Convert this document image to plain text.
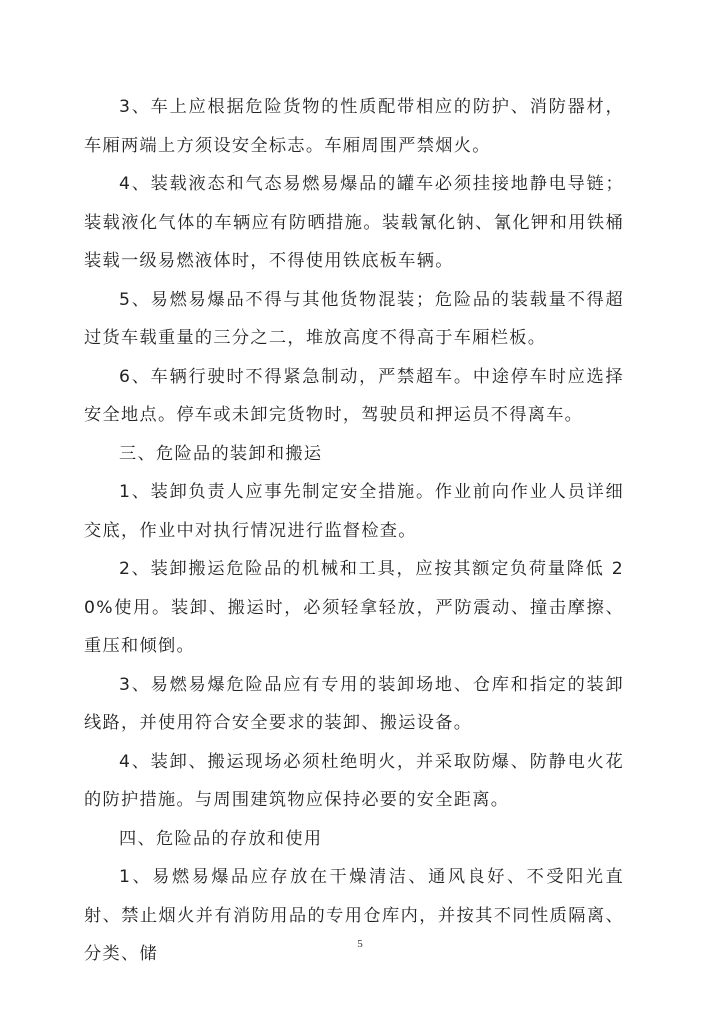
3、车上应根据危险货物的性质配带相应的防护、消防器材，车厢两端上方须设安全标志。车厢周围严禁烟火。

4、装载液态和气态易燃易爆品的罐车必须挂接地静电导链；装载液化气体的车辆应有防晒措施。装载氰化钠、氰化钾和用铁桶装载一级易燃液体时，不得使用铁底板车辆。

5、易燃易爆品不得与其他货物混装；危险品的装载量不得超过货车载重量的三分之二，堆放高度不得高于车厢栏板。

6、车辆行驶时不得紧急制动，严禁超车。中途停车时应选择安全地点。停车或未卸完货物时，驾驶员和押运员不得离车。

三、危险品的装卸和搬运

1、装卸负责人应事先制定安全措施。作业前向作业人员详细交底，作业中对执行情况进行监督检查。

2、装卸搬运危险品的机械和工具，应按其额定负荷量降低 20%使用。装卸、搬运时，必须轻拿轻放，严防震动、撞击摩擦、重压和倾倒。

3、易燃易爆危险品应有专用的装卸场地、仓库和指定的装卸线路，并使用符合安全要求的装卸、搬运设备。

4、装卸、搬运现场必须杜绝明火，并采取防爆、防静电火花的防护措施。与周围建筑物应保持必要的安全距离。

四、危险品的存放和使用

1、易燃易爆品应存放在干燥清洁、通风良好、不受阳光直射、禁止烟火并有消防用品的专用仓库内，并按其不同性质隔离、分类、储	5
